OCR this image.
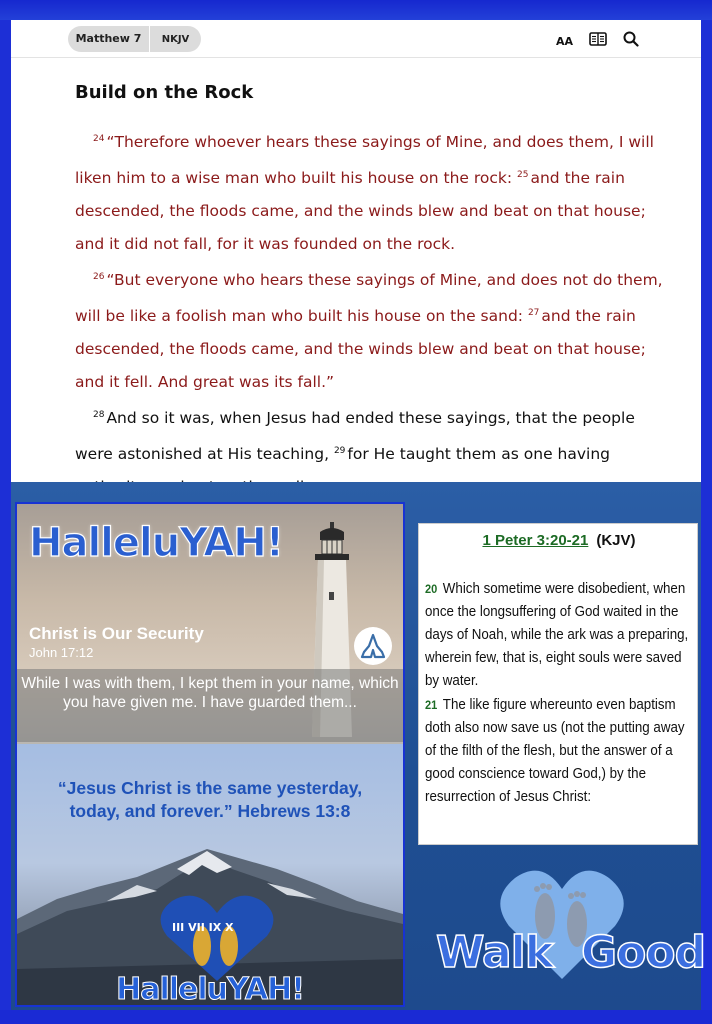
Matthew 7	NKJV	AA
Build on the Rock

$^{24}$ “Therefore whoever hears these sayings of Mine, and does them, I will liken him to a wise man who built his house on the rock: $^{25}$ and the rain descended, the floods came, and the winds blew and beat on that house; and it did not fall, for it was founded on the rock.

$^{26}$ “But everyone who hears these sayings of Mine, and does not do them, will be like a foolish man who built his house on the sand: $^{27}$ and the rain descended, the floods came, and the winds blew and beat on that house; and it fell. And great was its fall.”

$^{28}$ And so it was, when Jesus had ended these sayings, that the people were astonished at His teaching, $^{29}$ for He taught them as one having

HalleluYAH!
Christ is Our Security
John 17:12
While I was with them, I kept them in your name, which you have given me. I have guarded them...
“Jesus Christ is the same yesterday,
today, and forever.” Hebrews 13:8
III VII IX X
HalleluYAH!
1 Peter 3:20-21 (KJV)
20 Which sometime were disobedient, when once the longsuffering of God waited in the days of Noah, while the ark was a preparing, wherein few, that is, eight souls were saved by water.
21 The like figure whereunto even baptism doth also now save us (not the putting away of the filth of the flesh, but the answer of a good conscience toward God,) by the resurrection of Jesus Christ:
Walk Good
